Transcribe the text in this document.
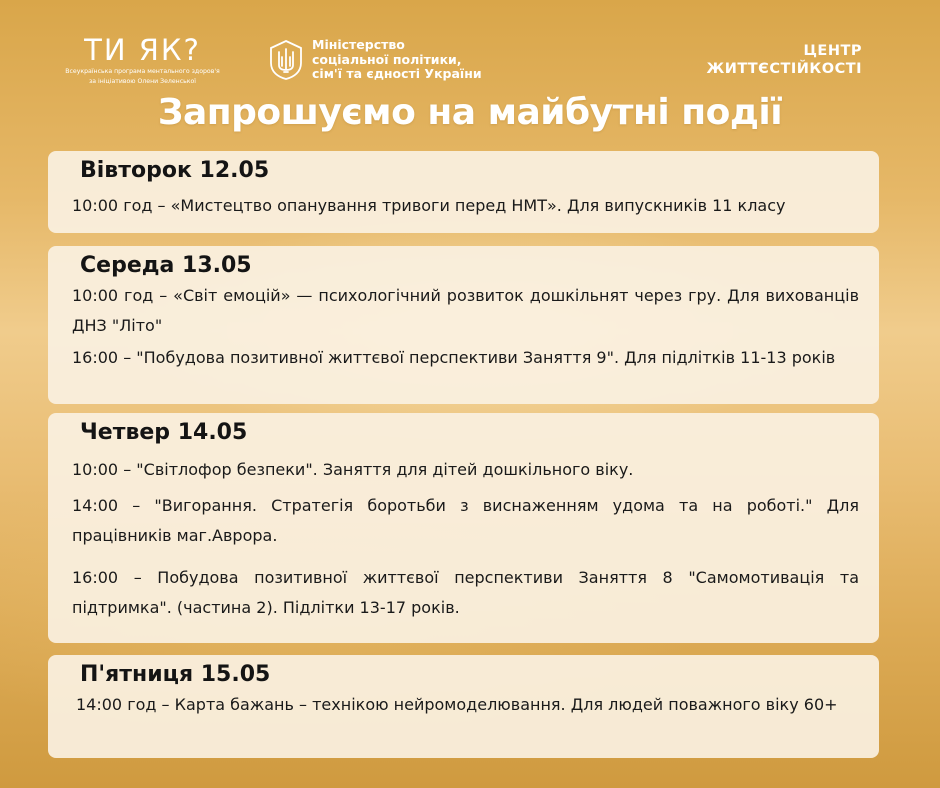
ТИ ЯК?
Всеукраїнська програма ментального здоров'я
за ініціативою Олени Зеленської
Міністерство
соціальної політики,
сім'ї та єдності України
ЦЕНТР
ЖИТТЄСТІЙКОСТІ
Запрошуємо на майбутні події
Вівторок 12.05
10:00 год – «Мистецтво опанування тривоги перед НМТ». Для випускників 11 класу
Середа 13.05
10:00 год – «Світ емоцій» — психологічний розвиток дошкільнят через гру. Для вихованців ДНЗ "Літо"
16:00 – "Побудова позитивної життєвої перспективи Заняття 9". Для підлітків 11-13 років
Четвер 14.05
10:00 – "Світлофор безпеки". Заняття для дітей дошкільного віку.
14:00 – "Вигорання. Стратегія боротьби з виснаженням удома та на роботі." Для працівників маг.Аврора.
16:00 – Побудова позитивної життєвої перспективи Заняття 8 "Самомотивація та підтримка". (частина 2). Підлітки 13-17 років.
П'ятниця 15.05
14:00 год – Карта бажань – технікою нейромоделювання. Для людей поважного віку 60+
